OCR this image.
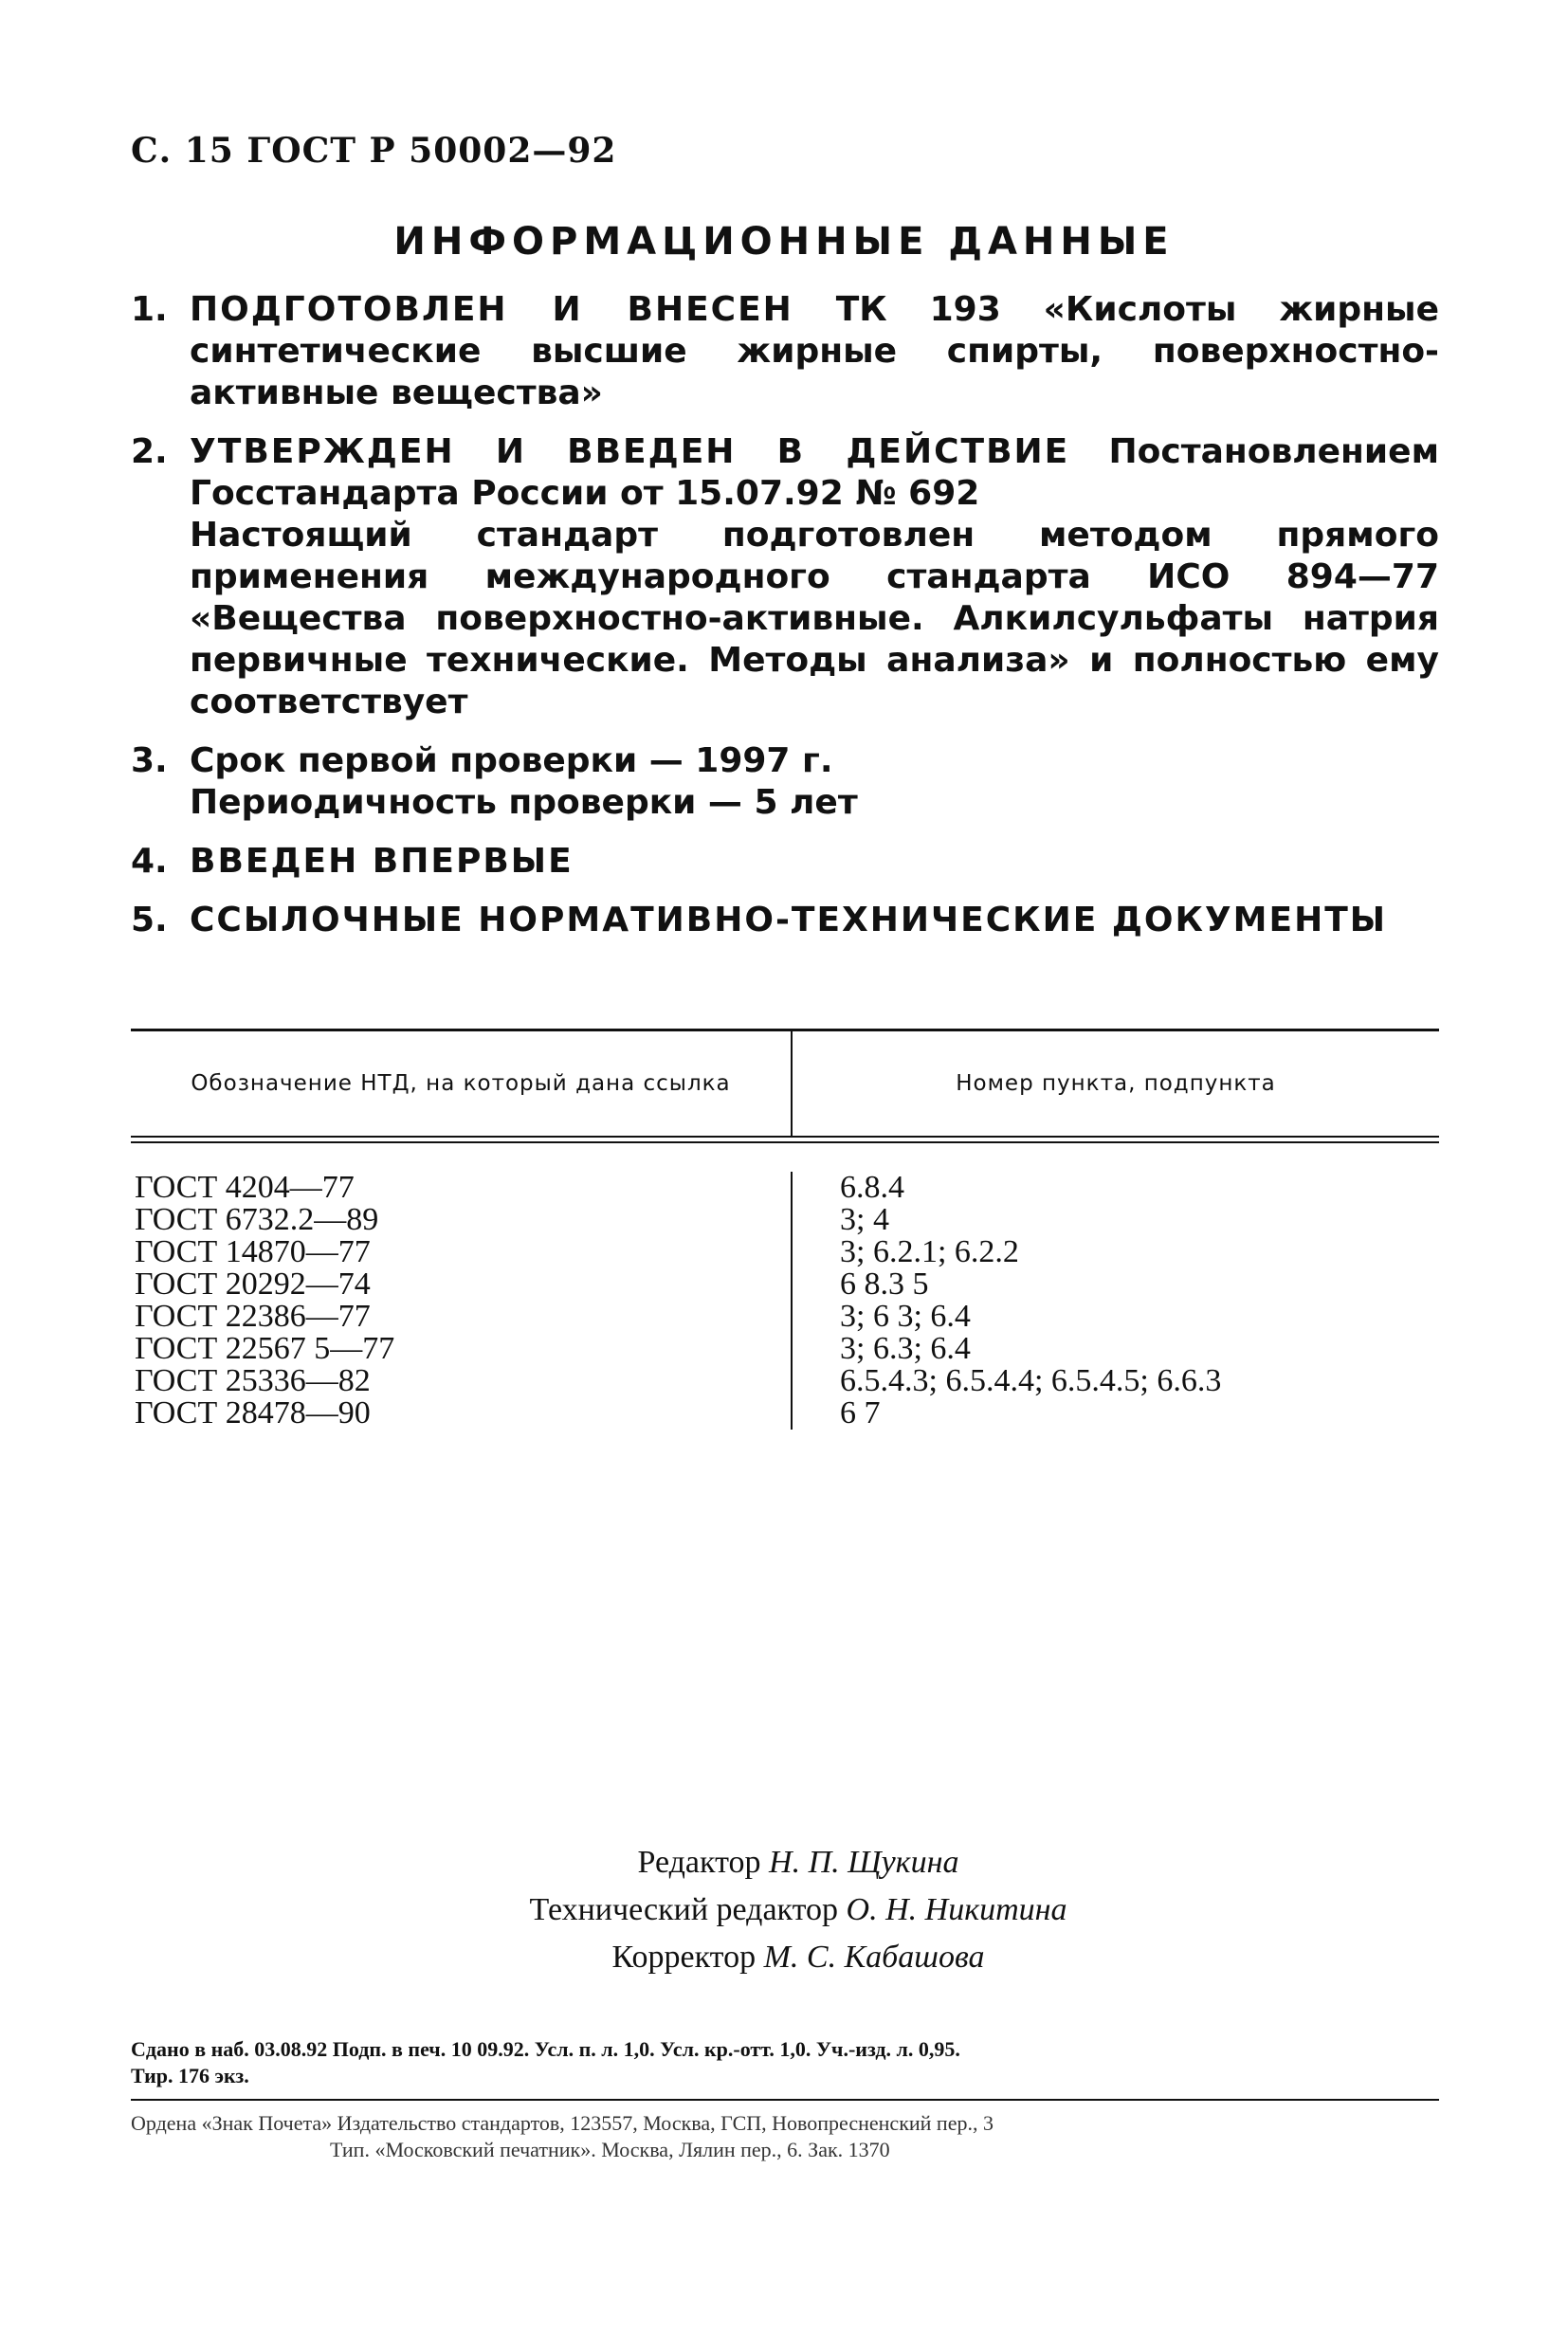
С. 15 ГОСТ Р 50002—92
ИНФОРМАЦИОННЫЕ ДАННЫЕ
1. ПОДГОТОВЛЕН И ВНЕСЕН ТК 193 «Кислоты жирные синтетические высшие жирные спирты, поверхностно-активные вещества»
2. УТВЕРЖДЕН И ВВЕДЕН В ДЕЙСТВИЕ Постановлением Госстандарта России от 15.07.92 № 692
Настоящий стандарт подготовлен методом прямого применения международного стандарта ИСО 894—77 «Вещества поверхностно-активные. Алкилсульфаты натрия первичные технические. Методы анализа» и полностью ему соответствует
3. Срок первой проверки — 1997 г.
Периодичность проверки — 5 лет
4. ВВЕДЕН ВПЕРВЫЕ
5. ССЫЛОЧНЫЕ НОРМАТИВНО-ТЕХНИЧЕСКИЕ ДОКУМЕНТЫ
Обозначение НТД, на который дана ссылка	Номер пункта, подпункта
ГОСТ 4204—77
ГОСТ 6732.2—89
ГОСТ 14870—77
ГОСТ 20292—74
ГОСТ 22386—77
ГОСТ 22567 5—77
ГОСТ 25336—82
ГОСТ 28478—90
6.8.4
3; 4
3; 6.2.1; 6.2.2
6 8.3 5
3; 6 3; 6.4
3; 6.3; 6.4
6.5.4.3; 6.5.4.4; 6.5.4.5; 6.6.3
6 7
Редактор Н. П. Щукина
Технический редактор О. Н. Никитина
Корректор М. С. Кабашова
Сдано в наб. 03.08.92 Подп. в печ. 10 09.92. Усл. п. л. 1,0. Усл. кр.-отт. 1,0. Уч.-изд. л. 0,95.
Тир. 176 экз.
Ордена «Знак Почета» Издательство стандартов, 123557, Москва, ГСП, Новопресненский пер., 3
Тип. «Московский печатник». Москва, Лялин пер., 6. Зак. 1370
